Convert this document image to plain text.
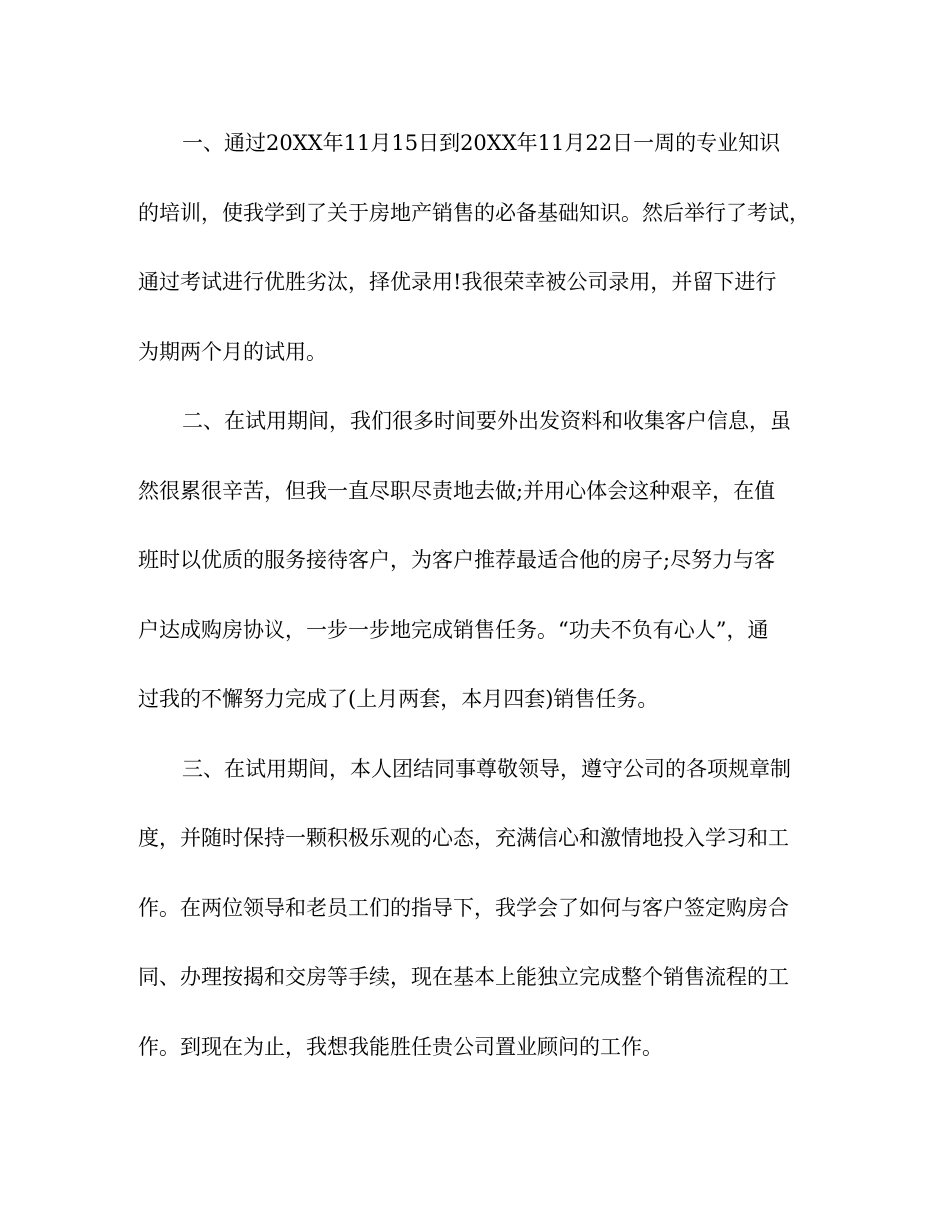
一、通过20XX年11月15日到20XX年11月22日一周的专业知识
的培训，使我学到了关于房地产销售的必备基础知识。然后举行了考试，
通过考试进行优胜劣汰，择优录用!我很荣幸被公司录用，并留下进行
为期两个月的试用。
二、在试用期间，我们很多时间要外出发资料和收集客户信息，虽
然很累很辛苦，但我一直尽职尽责地去做;并用心体会这种艰辛，在值
班时以优质的服务接待客户，为客户推荐最适合他的房子;尽努力与客
户达成购房协议，一步一步地完成销售任务。“功夫不负有心人”，通
过我的不懈努力完成了(上月两套，本月四套)销售任务。
三、在试用期间，本人团结同事尊敬领导，遵守公司的各项规章制
度，并随时保持一颗积极乐观的心态，充满信心和激情地投入学习和工
作。在两位领导和老员工们的指导下，我学会了如何与客户签定购房合
同、办理按揭和交房等手续，现在基本上能独立完成整个销售流程的工
作。到现在为止，我想我能胜任贵公司置业顾问的工作。
